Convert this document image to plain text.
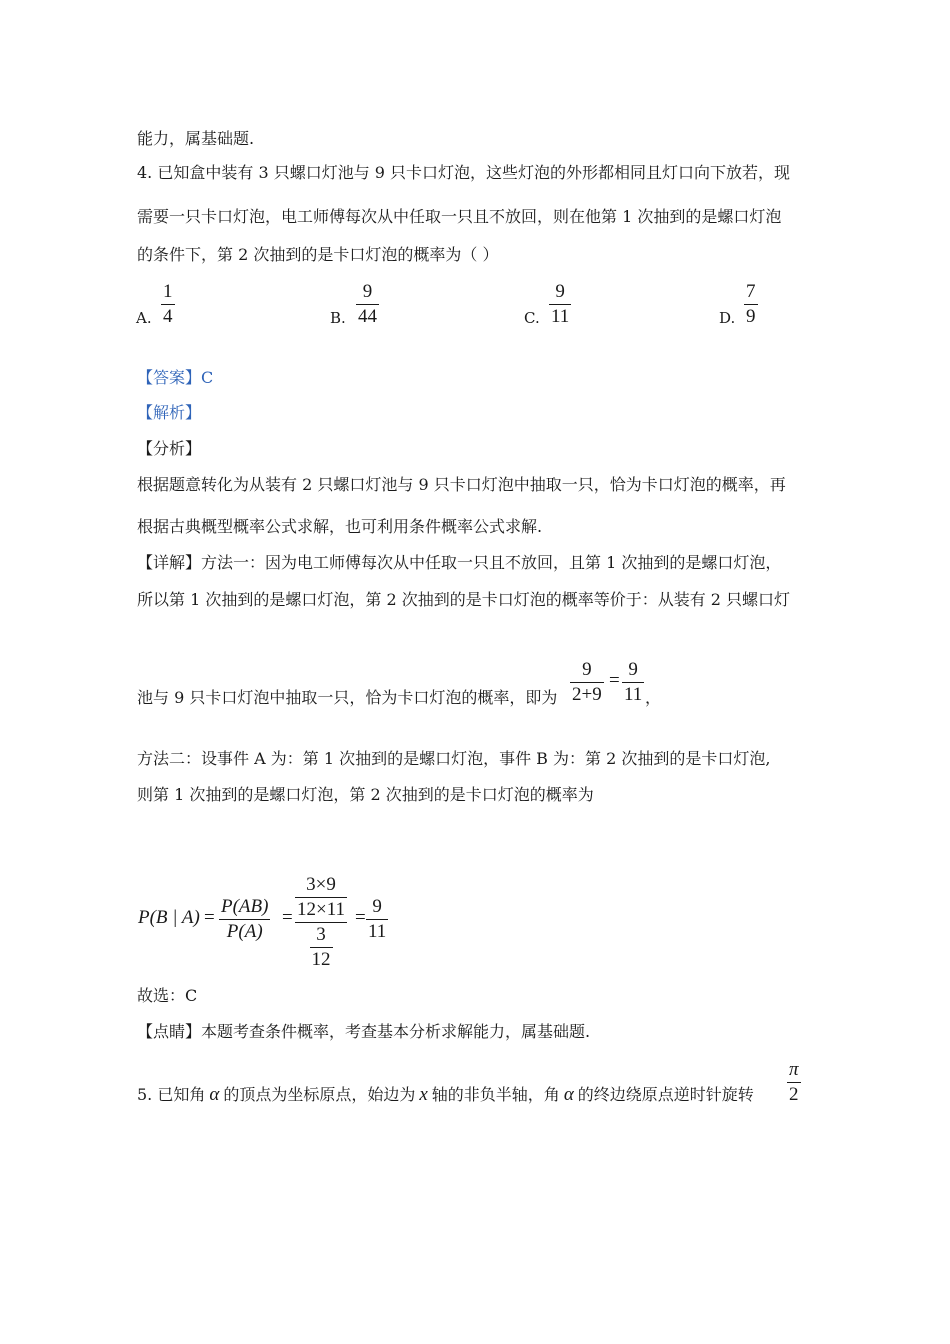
能力，属基础题.
4. 已知盒中装有 3 只螺口灯池与 9 只卡口灯泡，这些灯泡的外形都相同且灯口向下放若，现
需要一只卡口灯泡，电工师傅每次从中任取一只且不放回，则在他第 1 次抽到的是螺口灯泡
的条件下，第 2 次抽到的是卡口灯泡的概率为（ ）
A.
1
4	B.
9
44	C.
9
11	D.
7
9
【答案】C
【解析】
【分析】
根据题意转化为从装有 2 只螺口灯池与 9 只卡口灯泡中抽取一只，恰为卡口灯泡的概率，再
根据古典概型概率公式求解，也可利用条件概率公式求解.
【详解】方法一：因为电工师傅每次从中任取一只且不放回，且第 1 次抽到的是螺口灯泡，
所以第 1 次抽到的是螺口灯泡，第 2 次抽到的是卡口灯泡的概率等价于：从装有 2 只螺口灯
池与 9 只卡口灯泡中抽取一只，恰为卡口灯泡的概率，即为
9
2+9
=
9
11 ，
方法二：设事件 A 为：第 1 次抽到的是螺口灯泡，事件 B 为：第 2 次抽到的是卡口灯泡,
则第 1 次抽到的是螺口灯泡，第 2 次抽到的是卡口灯泡的概率为
P(B | A) =
P(AB)
P(A)
= $\frac{3\times 9}{12\times 11}$
$\frac{3}{12}$
=
9
11
故选：C
【点睛】本题考查条件概率，考查基本分析求解能力，属基础题.
5. 已知角 α 的顶点为坐标原点，始边为 x 轴的非负半轴，角 α 的终边绕原点逆时针旋转
π
2
